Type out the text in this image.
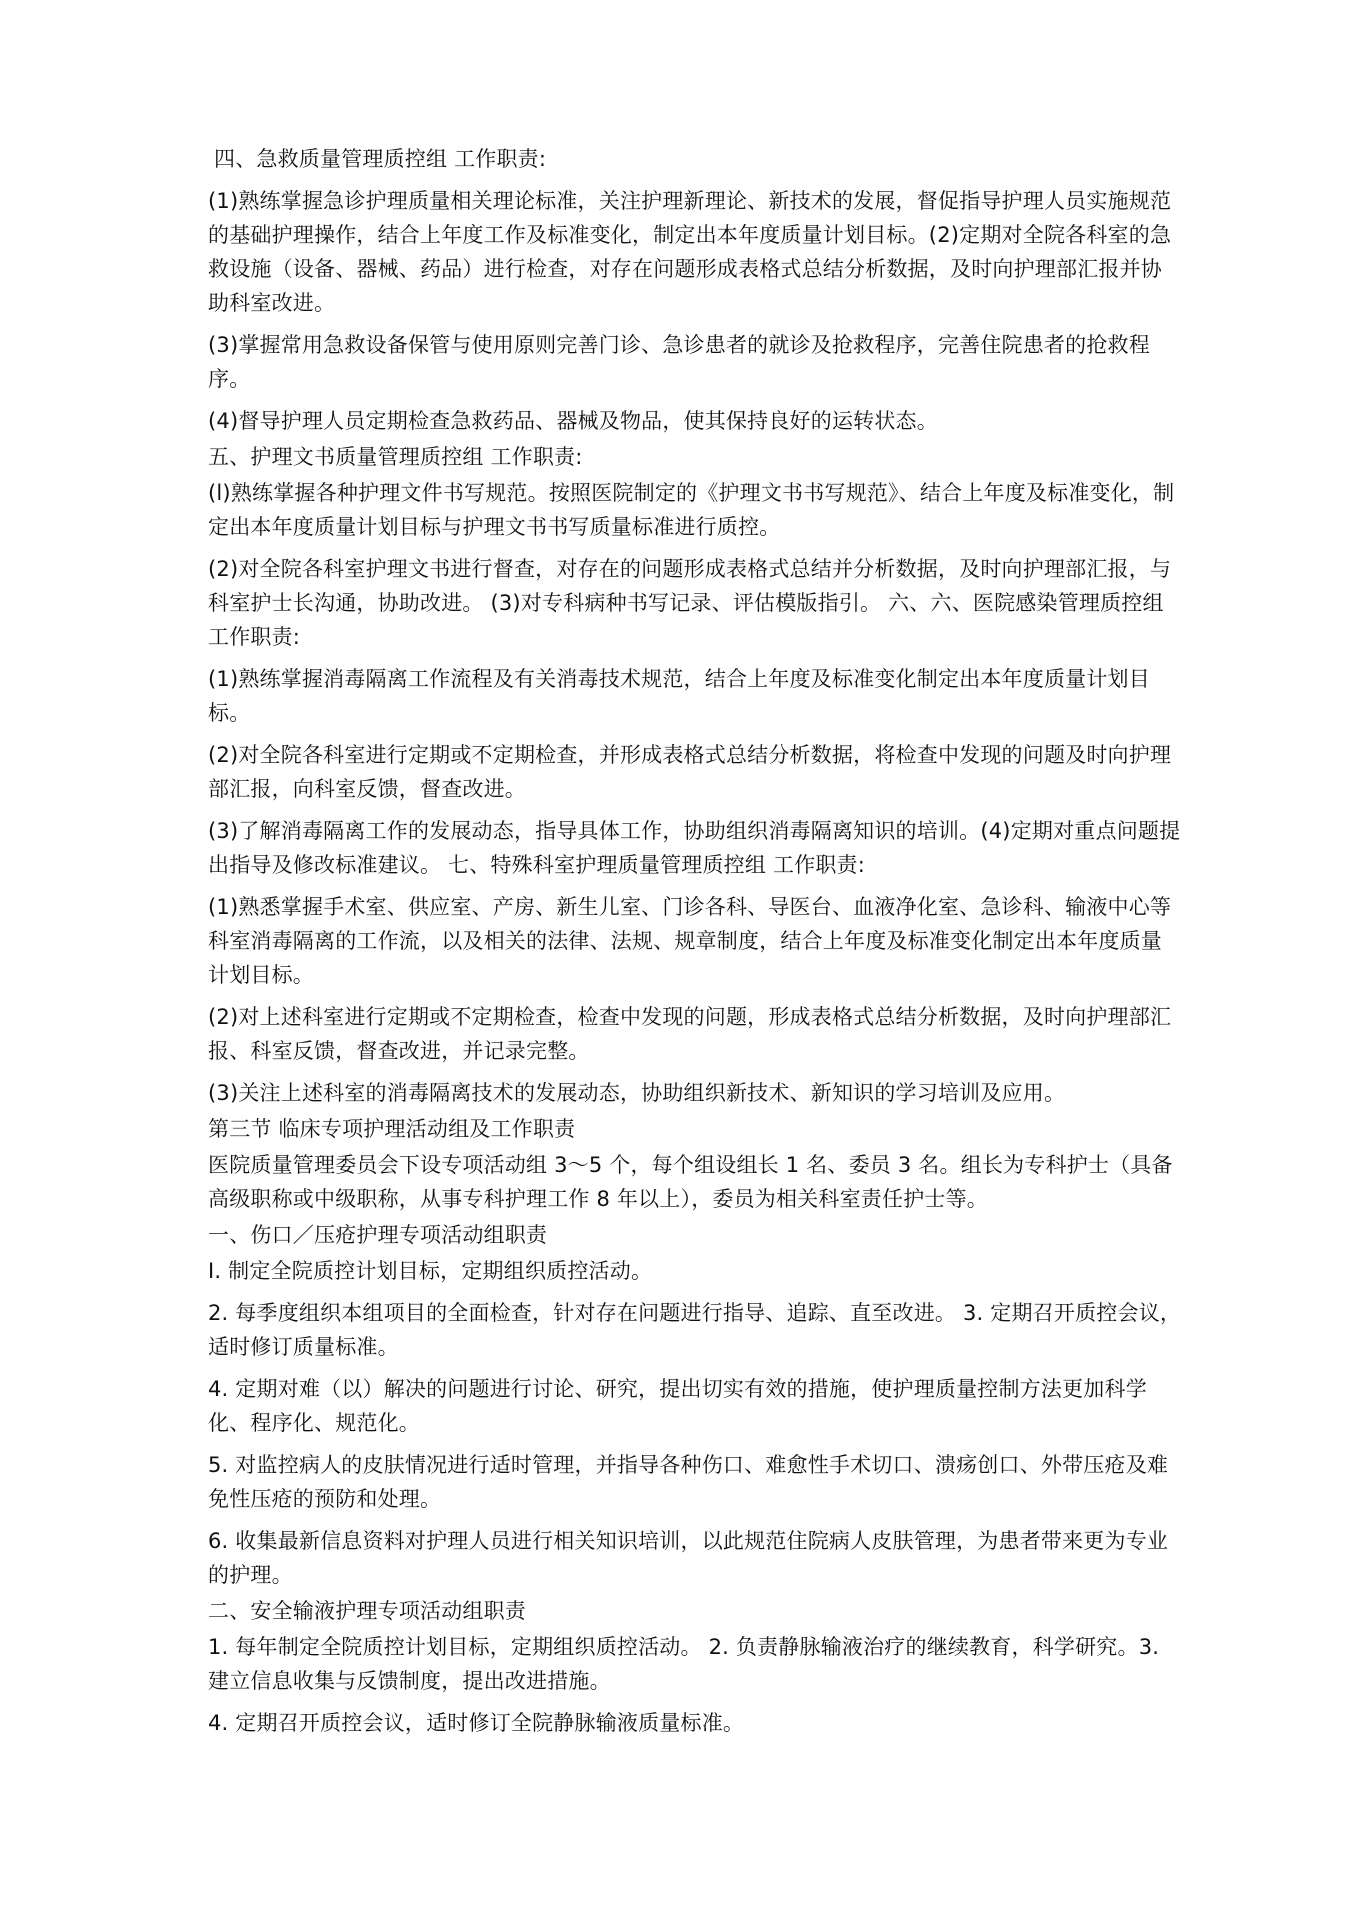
四、急救质量管理质控组 工作职责:

(1)熟练掌握急诊护理质量相关理论标准，关注护理新理论、新技术的发展，督促指导护理人员实施规范的基础护理操作，结合上年度工作及标准变化，制定出本年度质量计划目标。(2)定期对全院各科室的急救设施（设备、器械、药品）进行检查，对存在问题形成表格式总结分析数据，及时向护理部汇报并协助科室改进。

(3)掌握常用急救设备保管与使用原则完善门诊、急诊患者的就诊及抢救程序，完善住院患者的抢救程序。

(4)督导护理人员定期检查急救药品、器械及物品，使其保持良好的运转状态。

五、护理文书质量管理质控组 工作职责:

(l)熟练掌握各种护理文件书写规范。按照医院制定的《护理文书书写规范》、结合上年度及标准变化，制定出本年度质量计划目标与护理文书书写质量标准进行质控。

(2)对全院各科室护理文书进行督查，对存在的问题形成表格式总结并分析数据，及时向护理部汇报，与科室护士长沟通，协助改进。 (3)对专科病种书写记录、评估模版指引。 六、六、医院感染管理质控组 工作职责:

(1)熟练掌握消毒隔离工作流程及有关消毒技术规范，结合上年度及标准变化制定出本年度质量计划目标。

(2)对全院各科室进行定期或不定期检查，并形成表格式总结分析数据，将检查中发现的问题及时向护理部汇报，向科室反馈，督查改进。

(3)了解消毒隔离工作的发展动态，指导具体工作，协助组织消毒隔离知识的培训。(4)定期对重点问题提出指导及修改标准建议。 七、特殊科室护理质量管理质控组 工作职责:

(1)熟悉掌握手术室、供应室、产房、新生儿室、门诊各科、导医台、血液净化室、急诊科、输液中心等科室消毒隔离的工作流，以及相关的法律、法规、规章制度，结合上年度及标准变化制定出本年度质量计划目标。

(2)对上述科室进行定期或不定期检查，检查中发现的问题，形成表格式总结分析数据，及时向护理部汇报、科室反馈，督查改进，并记录完整。

(3)关注上述科室的消毒隔离技术的发展动态，协助组织新技术、新知识的学习培训及应用。

第三节 临床专项护理活动组及工作职责

医院质量管理委员会下设专项活动组 3～5 个，每个组设组长 1 名、委员 3 名。组长为专科护士（具备高级职称或中级职称，从事专科护理工作 8 年以上），委员为相关科室责任护士等。

一、伤口／压疮护理专项活动组职责

I. 制定全院质控计划目标，定期组织质控活动。

2. 每季度组织本组项目的全面检查，针对存在问题进行指导、追踪、直至改进。 3. 定期召开质控会议，适时修订质量标准。

4. 定期对难（以）解决的问题进行讨论、研究，提出切实有效的措施，使护理质量控制方法更加科学化、程序化、规范化。

5. 对监控病人的皮肤情况进行适时管理，并指导各种伤口、难愈性手术切口、溃疡创口、外带压疮及难免性压疮的预防和处理。

6. 收集最新信息资料对护理人员进行相关知识培训，以此规范住院病人皮肤管理，为患者带来更为专业的护理。

二、安全输液护理专项活动组职责

1. 每年制定全院质控计划目标，定期组织质控活动。 2. 负责静脉输液治疗的继续教育，科学研究。3. 建立信息收集与反馈制度，提出改进措施。

4. 定期召开质控会议，适时修订全院静脉输液质量标准。
